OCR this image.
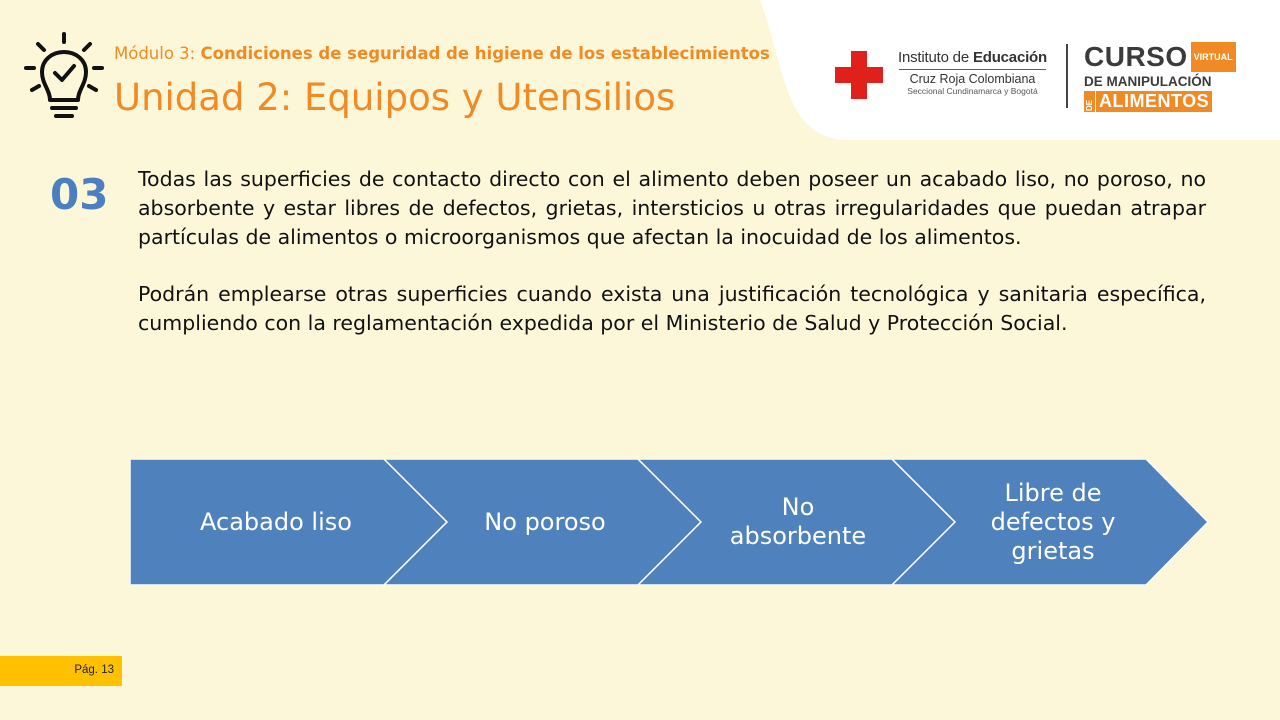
Módulo 3: Condiciones de seguridad de higiene de los establecimientos
Unidad 2: Equipos y Utensilios
Instituto de Educación
Cruz Roja Colombiana
Seccional Cundinamarca y Bogotá
CURSO VIRTUAL
DE MANIPULACIÓN
DE ALIMENTOS
03 Todas las superficies de contacto directo con el alimento deben poseer un acabado liso, no poroso, no absorbente y estar libres de defectos, grietas, intersticios u otras irregularidades que puedan atrapar partículas de alimentos o microorganismos que afectan la inocuidad de los alimentos.

Podrán emplearse otras superficies cuando exista una justificación tecnológica y sanitaria específica, cumpliendo con la reglamentación expedida por el Ministerio de Salud y Protección Social.

Acabado liso	No poroso
No absorbente
Libre de defectos y grietas
Pág. 13
